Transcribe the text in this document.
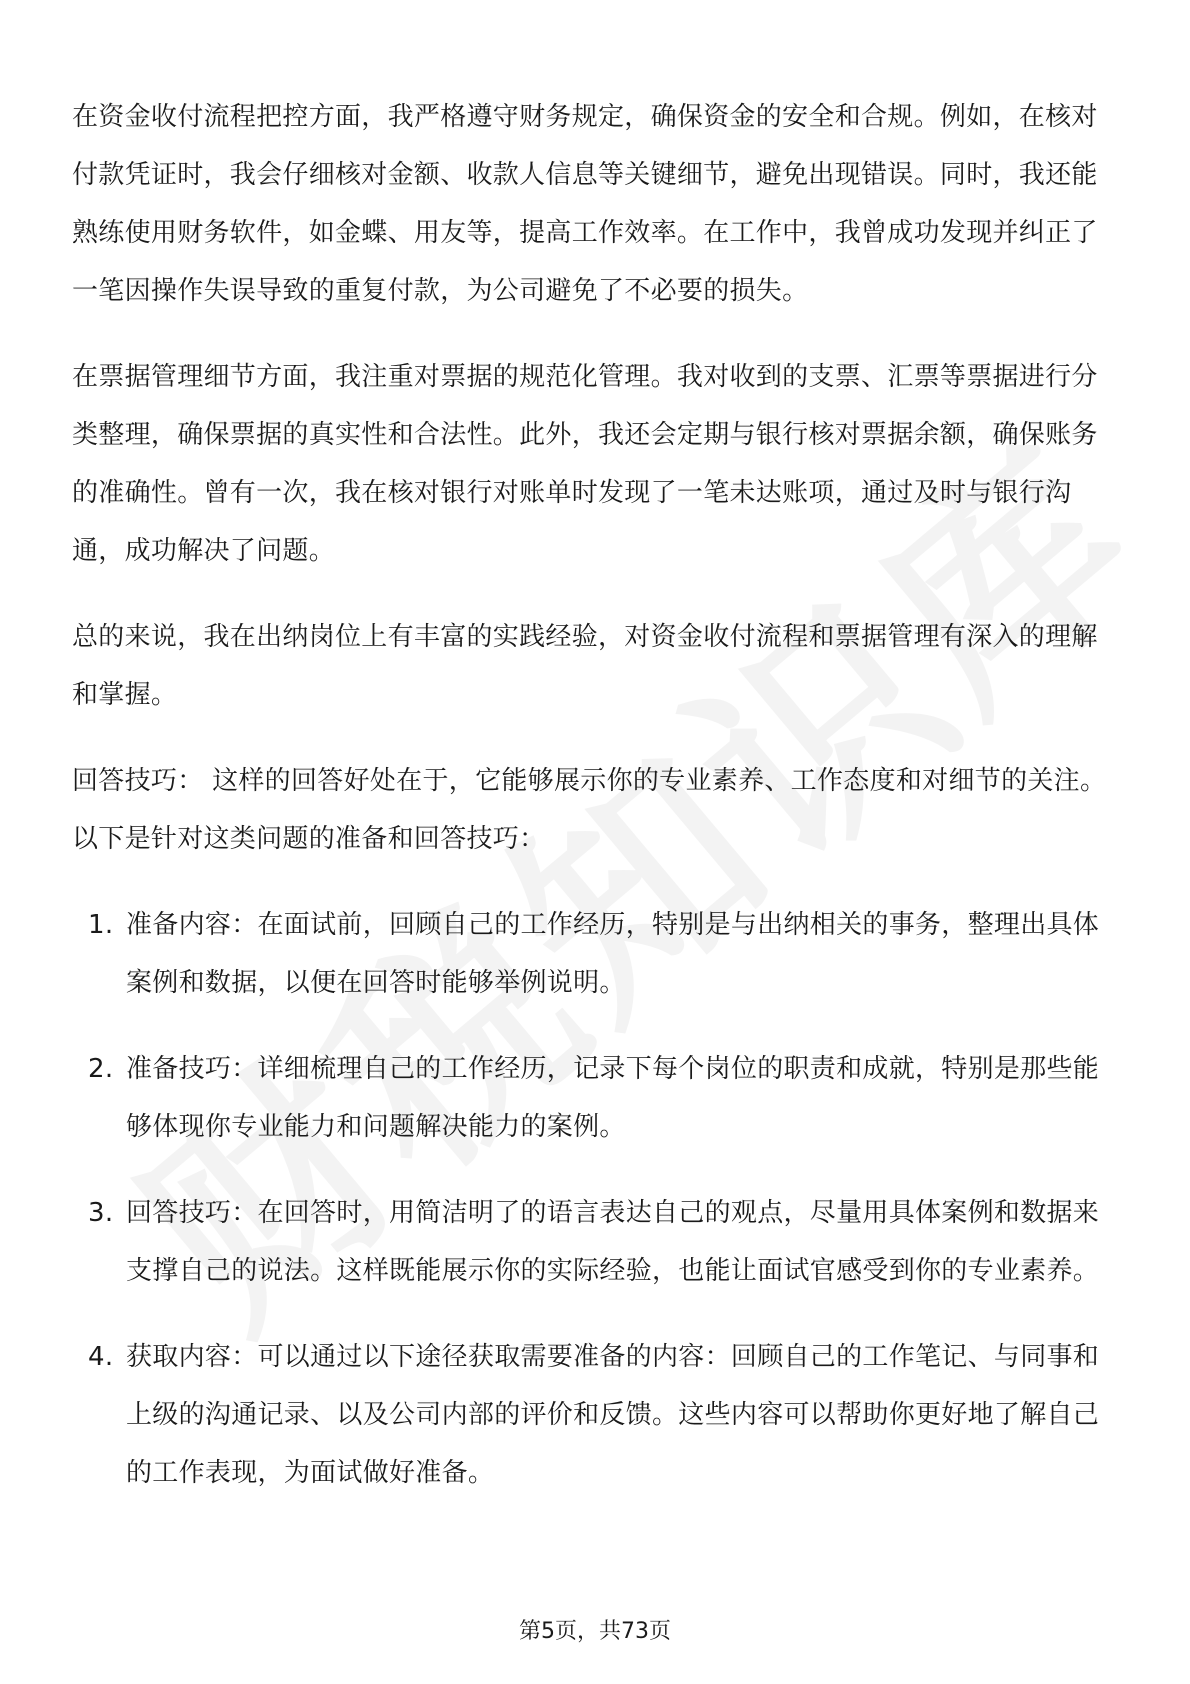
在资金收付流程把控方面，我严格遵守财务规定，确保资金的安全和合规。例如，在核对付款凭证时，我会仔细核对金额、收款人信息等关键细节，避免出现错误。同时，我还能熟练使用财务软件，如金蝶、用友等，提高工作效率。在工作中，我曾成功发现并纠正了一笔因操作失误导致的重复付款，为公司避免了不必要的损失。

在票据管理细节方面，我注重对票据的规范化管理。我对收到的支票、汇票等票据进行分类整理，确保票据的真实性和合法性。此外，我还会定期与银行核对票据余额，确保账务的准确性。曾有一次，我在核对银行对账单时发现了一笔未达账项，通过及时与银行沟通，成功解决了问题。

总的来说，我在出纳岗位上有丰富的实践经验，对资金收付流程和票据管理有深入的理解和掌握。

回答技巧： 这样的回答好处在于，它能够展示你的专业素养、工作态度和对细节的关注。以下是针对这类问题的准备和回答技巧：

1. 准备内容：在面试前，回顾自己的工作经历，特别是与出纳相关的事务，整理出具体案例和数据，以便在回答时能够举例说明。
2. 准备技巧：详细梳理自己的工作经历，记录下每个岗位的职责和成就，特别是那些能够体现你专业能力和问题解决能力的案例。
3. 回答技巧：在回答时，用简洁明了的语言表达自己的观点，尽量用具体案例和数据来支撑自己的说法。这样既能展示你的实际经验，也能让面试官感受到你的专业素养。
4. 获取内容：可以通过以下途径获取需要准备的内容：回顾自己的工作笔记、与同事和上级的沟通记录、以及公司内部的评价和反馈。这些内容可以帮助你更好地了解自己的工作表现，为面试做好准备。
第5页，共73页
